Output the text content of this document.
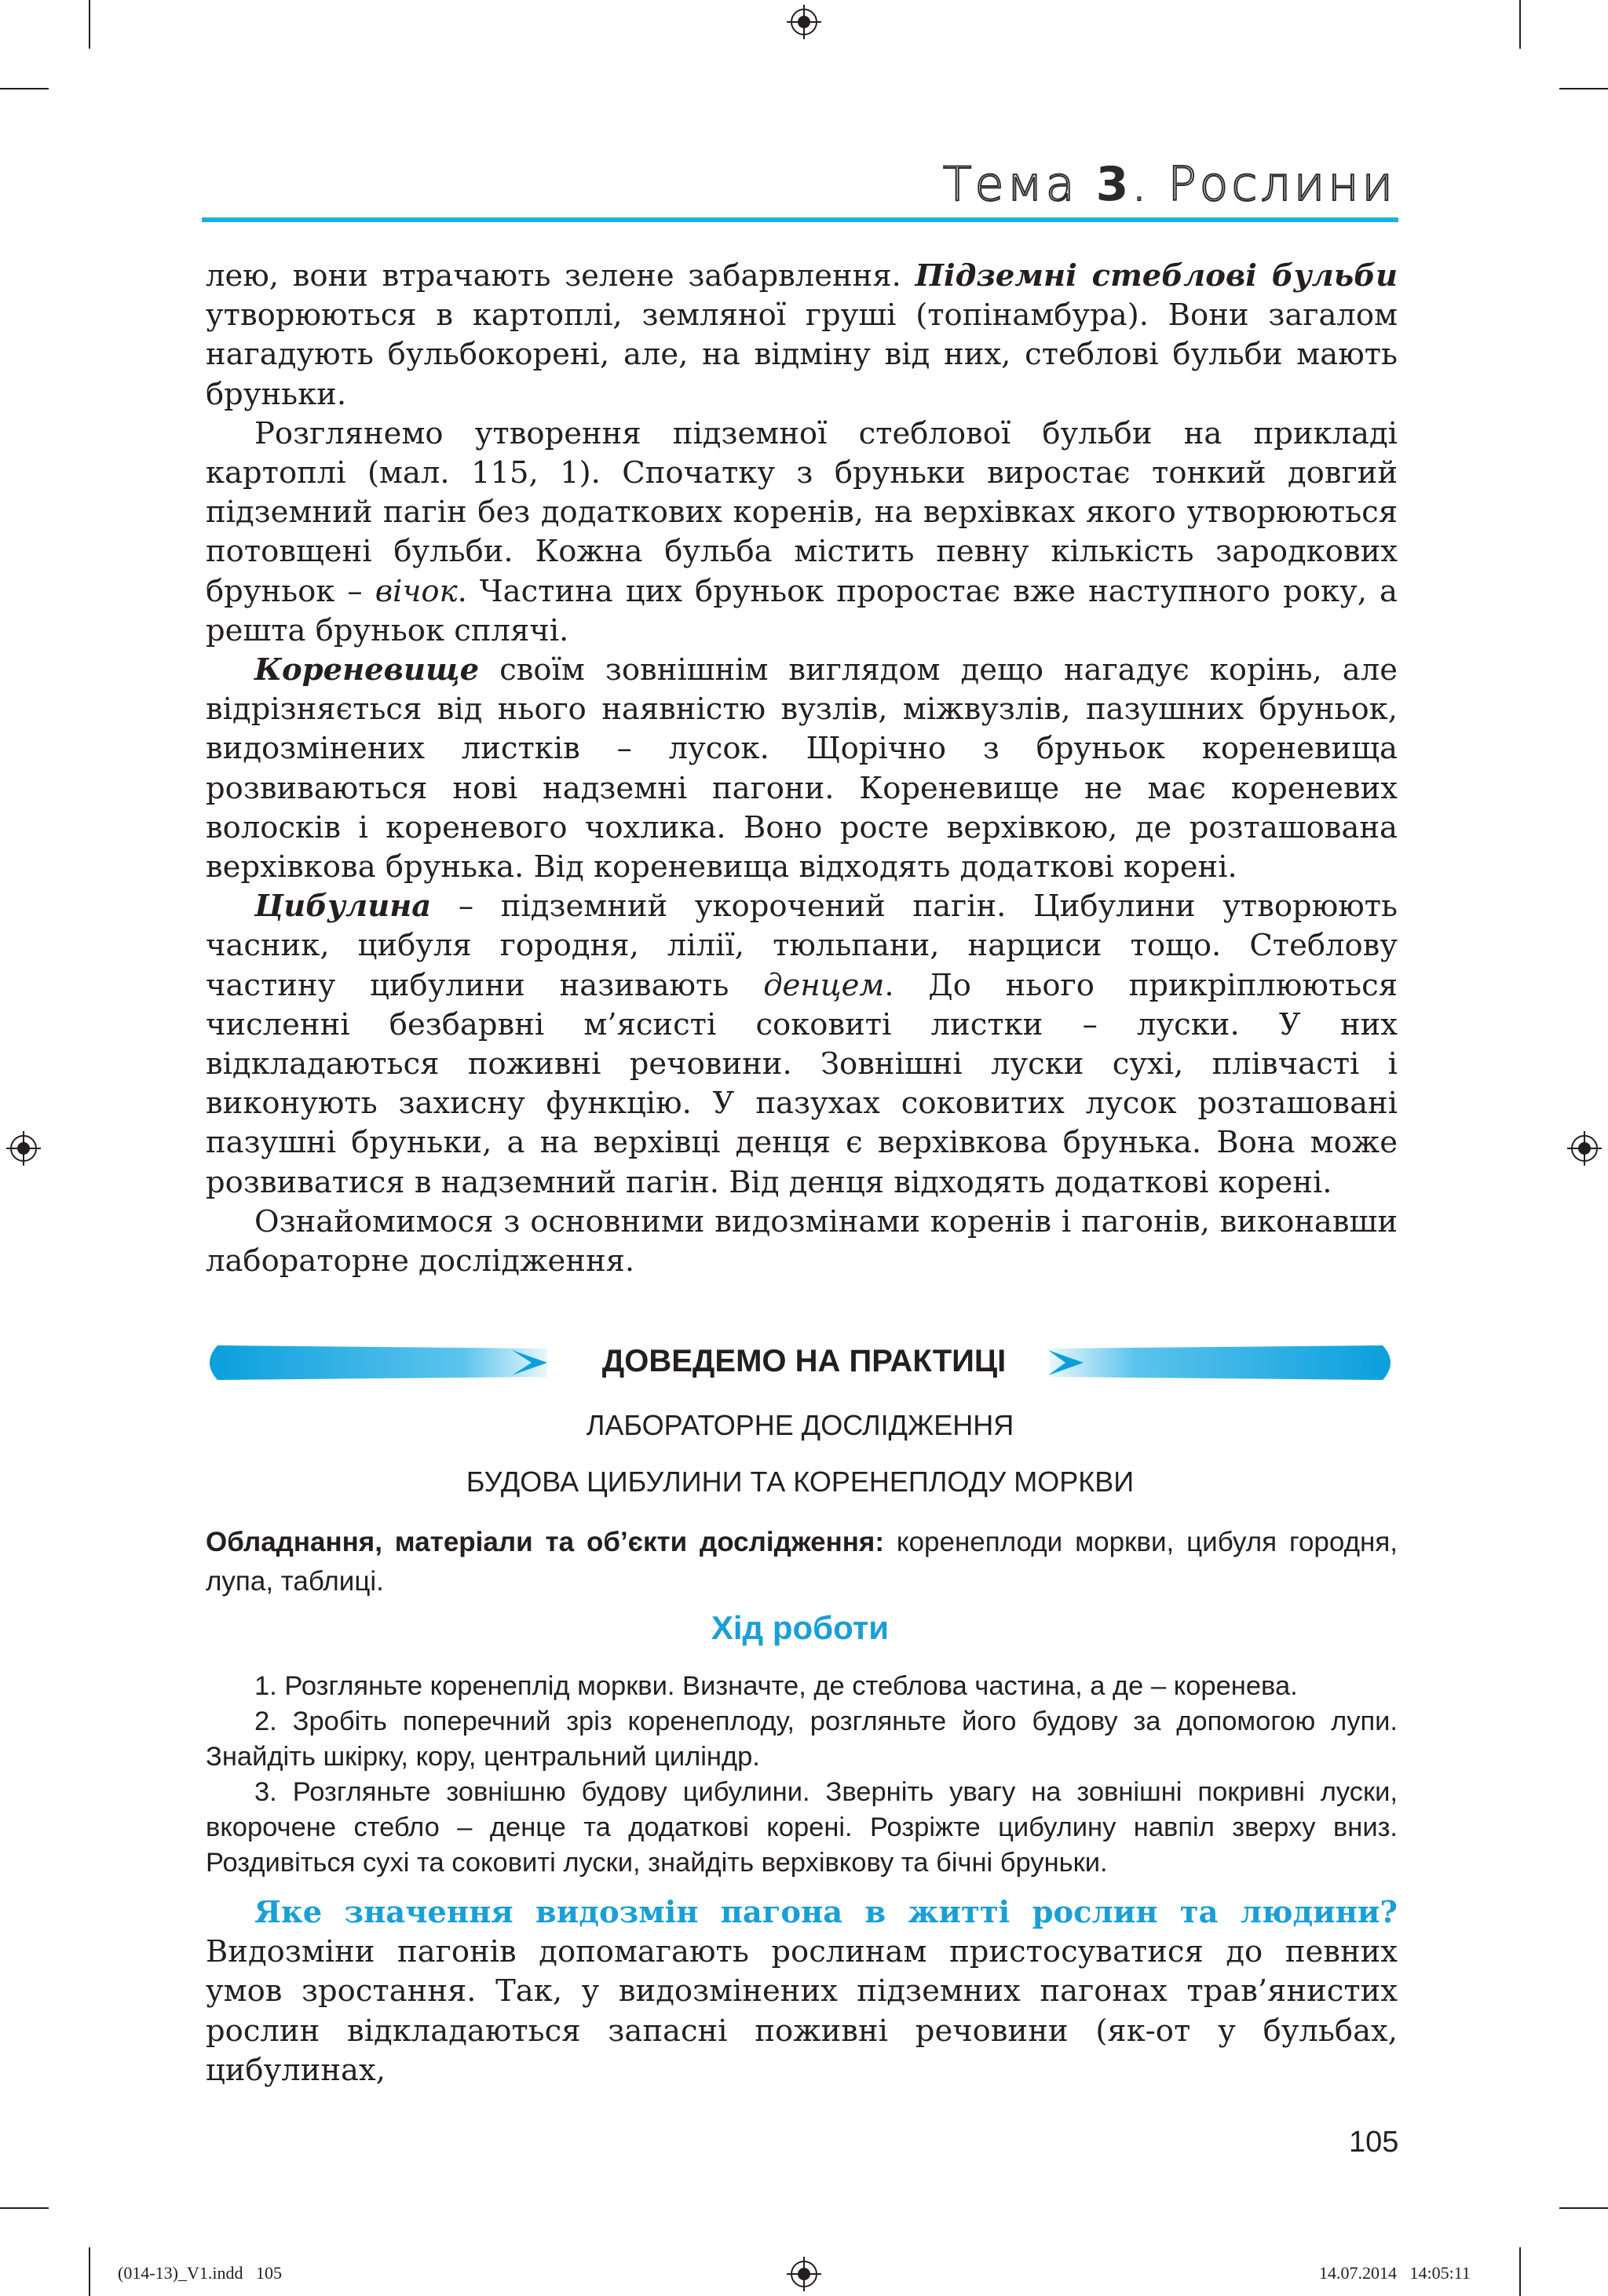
Тема 3. Рослини

лею, вони втрачають зелене забарвлення. Підземні стеблові бульби утворюються в картоплі, земляної груші (топінамбура). Вони загалом нагадують бульбокорені, але, на відміну від них, стеблові бульби мають бруньки.

Розглянемо утворення підземної стеблової бульби на прикладі картоплі (мал. 115, 1). Спочатку з бруньки виростає тонкий довгий підземний пагін без додаткових коренів, на верхівках якого утворюються потовщені бульби. Кожна бульба містить певну кількість зародкових бруньок – вічок. Частина цих бруньок проростає вже наступного року, а решта бруньок сплячі.

Кореневище своїм зовнішнім виглядом дещо нагадує корінь, але відрізняється від нього наявністю вузлів, міжвузлів, пазушних бруньок, видозмінених листків – лусок. Щорічно з бруньок кореневища розвиваються нові надземні пагони. Кореневище не має кореневих волосків і кореневого чохлика. Воно росте верхівкою, де розташована верхівкова брунька. Від кореневища відходять додаткові корені.

Цибулина – підземний укорочений пагін. Цибулини утворюють часник, цибуля городня, лілії, тюльпани, нарциси тощо. Стеблову частину цибулини називають денцем. До нього прикріплюються численні безбарвні м’ясисті соковиті листки – луски. У них відкладаються поживні речовини. Зовнішні луски сухі, плівчасті і виконують захисну функцію. У пазухах соковитих лусок розташовані пазушні бруньки, а на верхівці денця є верхівкова брунька. Вона може розвиватися в надземний пагін. Від денця відходять додаткові корені.

Ознайомимося з основними видозмінами коренів і пагонів, виконавши лабораторне дослідження.

ДОВЕДЕМО НА ПРАКТИЦІ
ЛАБОРАТОРНЕ ДОСЛІДЖЕННЯ
БУДОВА ЦИБУЛИНИ ТА КОРЕНЕПЛОДУ МОРКВИ
Обладнання, матеріали та об’єкти дослідження: коренеплоди моркви, цибуля городня, лупа, таблиці.
Хід роботи

1. Розгляньте коренеплід моркви. Визначте, де стеблова частина, а де – коренева.

2. Зробіть поперечний зріз коренеплоду, розгляньте його будову за допомогою лупи. Знайдіть шкірку, кору, центральний циліндр.

3. Розгляньте зовнішню будову цибулини. Зверніть увагу на зовнішні покривні луски, вкорочене стебло – денце та додаткові корені. Розріжте цибулину навпіл зверху вниз. Роздивіться сухі та соковиті луски, знайдіть верхівкову та бічні бруньки.

Яке значення видозмін пагона в житті рослин та людини? Видозміни пагонів допомагають рослинам пристосуватися до певних умов зростання. Так, у видозмінених підземних пагонах трав’янистих рослин відкладаються запасні поживні речовини (як-от у бульбах, цибулинах,

105
(014-13)_V1.indd   105	14.07.2014   14:05:11
